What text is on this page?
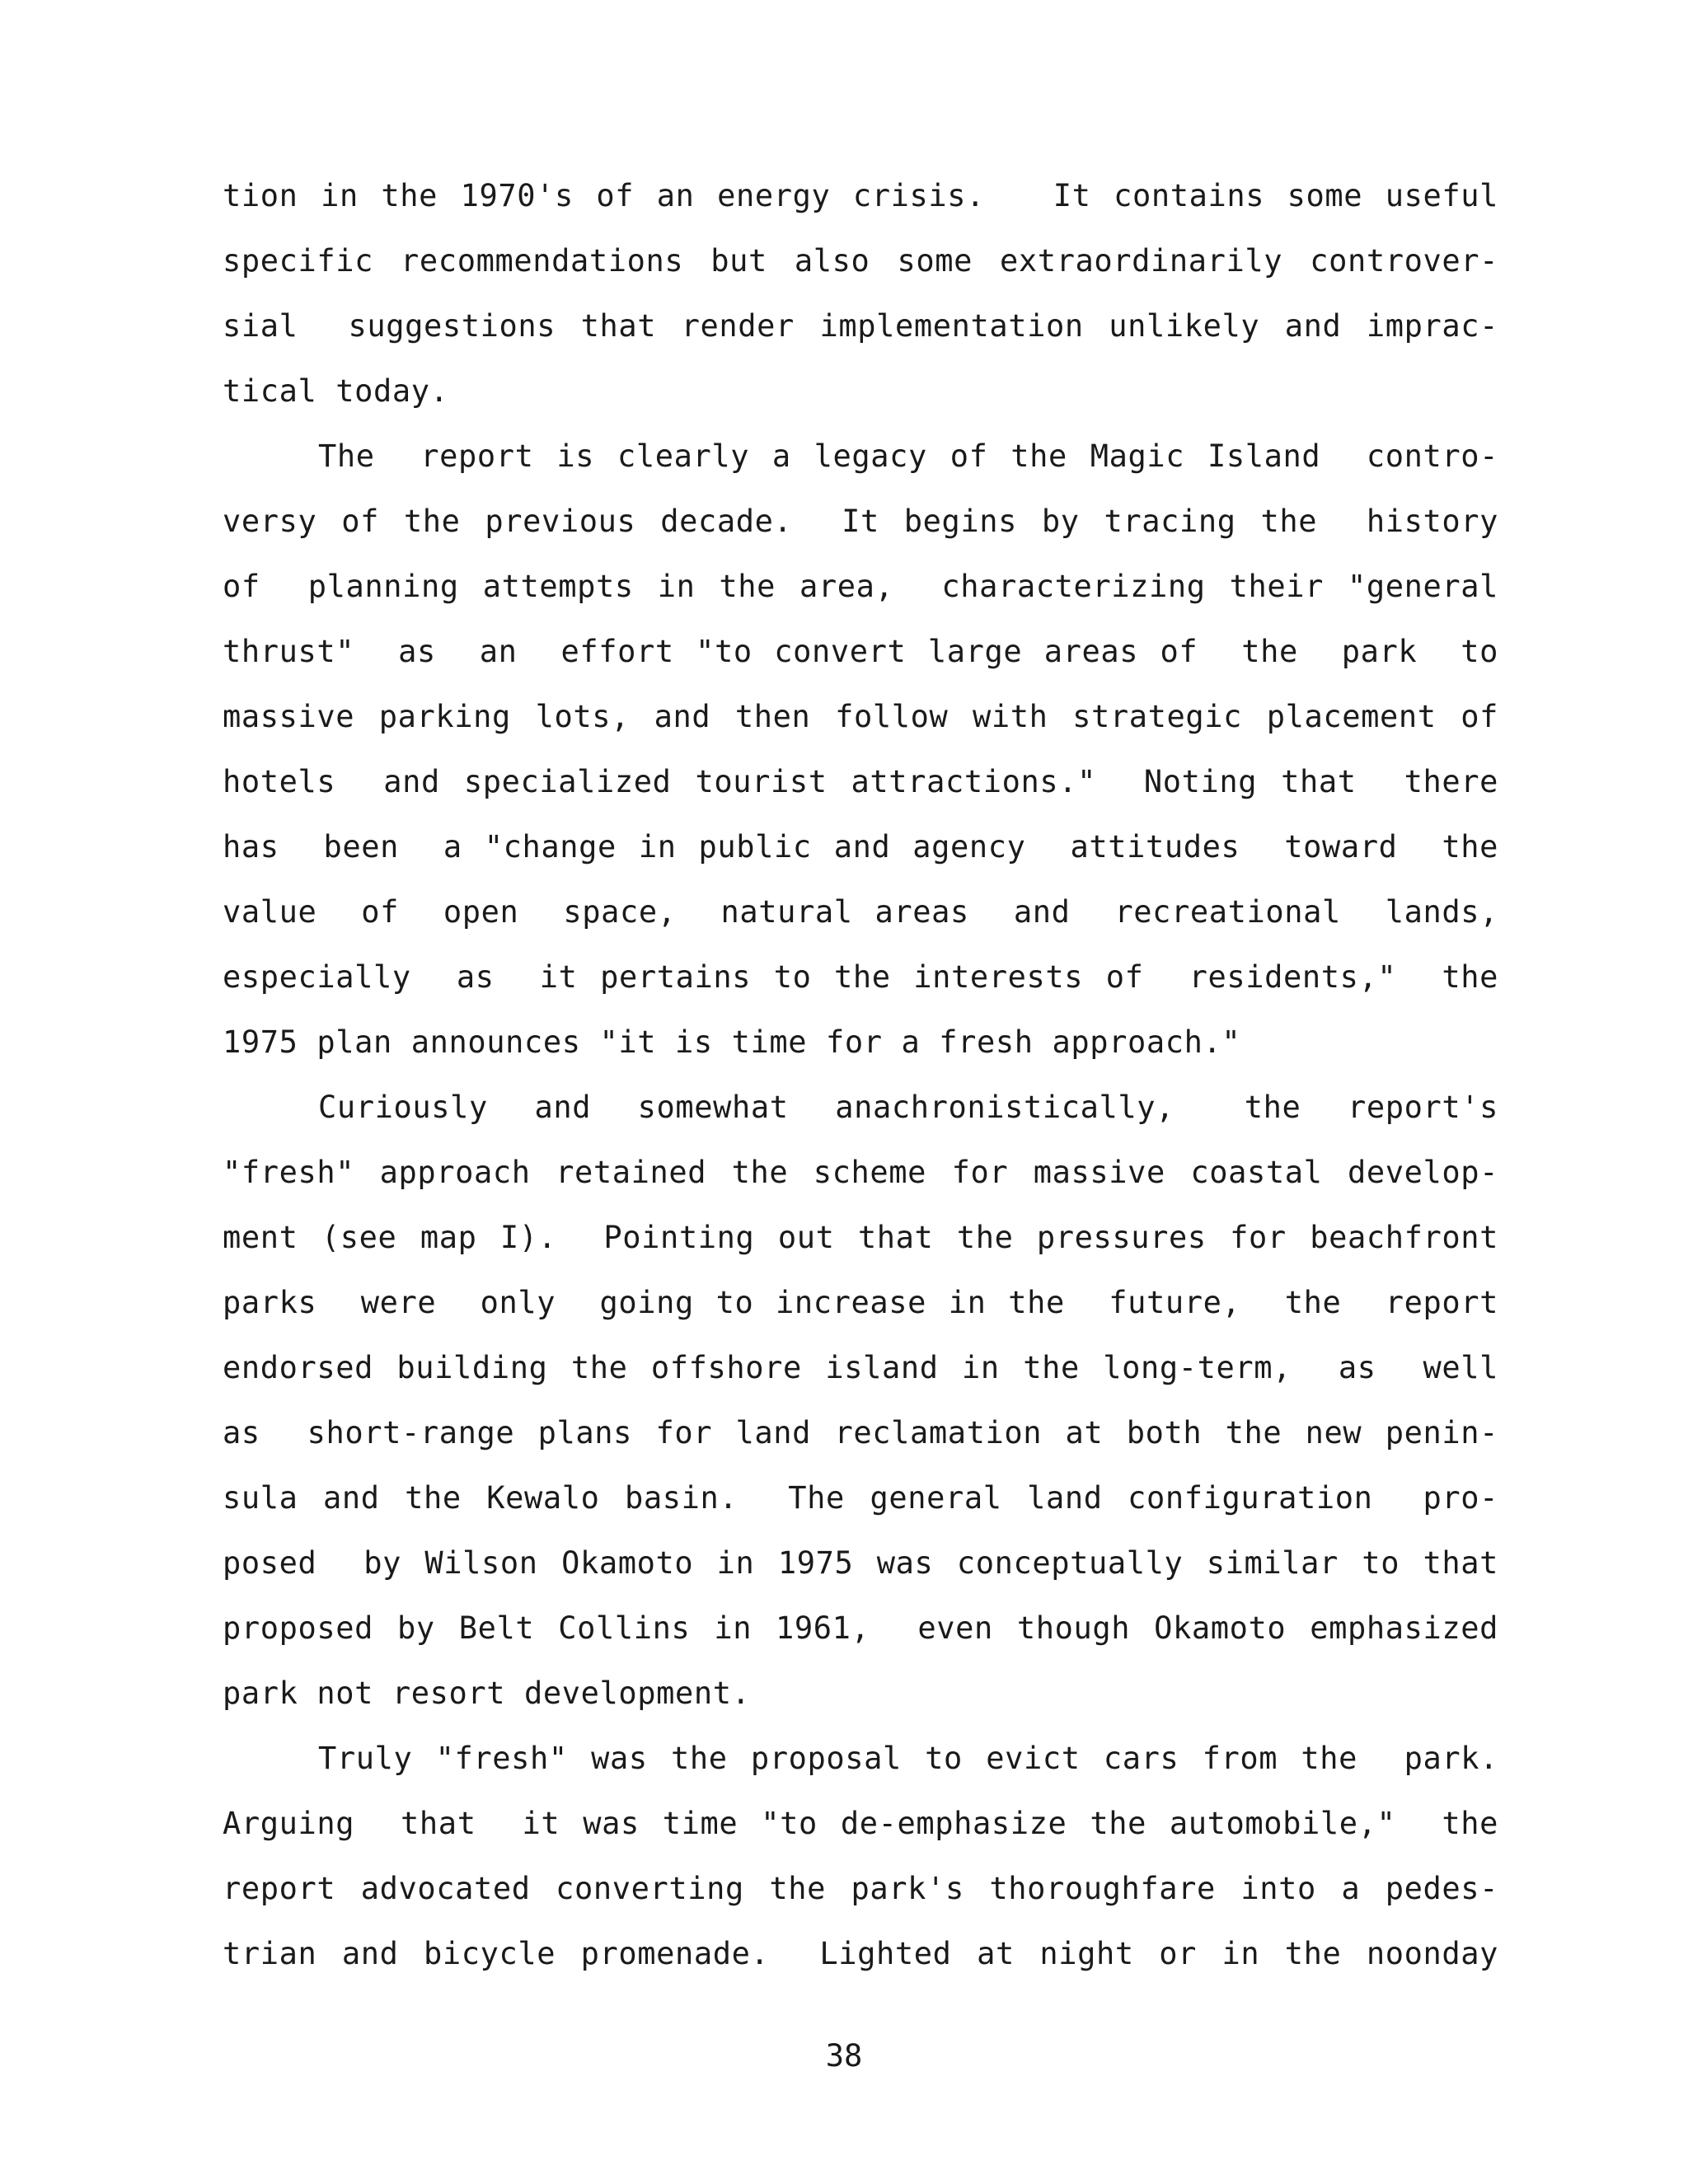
tion in the 1970's of an energy crisis.   It contains some useful
specific recommendations but also some extraordinarily controver-
sial  suggestions that render implementation unlikely and imprac-
tical today.
The  report is clearly a legacy of the Magic Island  contro-
versy of the previous decade.  It begins by tracing the  history
of  planning attempts in the area,  characterizing their "general
thrust"  as  an  effort "to convert large areas of  the  park  to
massive parking lots, and then follow with strategic placement of
hotels  and specialized tourist attractions."  Noting that  there
has  been  a "change in public and agency  attitudes  toward  the
value  of  open  space,  natural areas  and  recreational  lands,
especially  as  it pertains to the interests of  residents,"  the
1975 plan announces "it is time for a fresh approach."
Curiously  and  somewhat  anachronistically,   the  report's
"fresh" approach retained the scheme for massive coastal develop-
ment (see map I).  Pointing out that the pressures for beachfront
parks  were  only  going to increase in the  future,  the  report
endorsed building the offshore island in the long-term,  as  well
as  short-range plans for land reclamation at both the new penin-
sula and the Kewalo basin.  The general land configuration  pro-
posed  by Wilson Okamoto in 1975 was conceptually similar to that
proposed by Belt Collins in 1961,  even though Okamoto emphasized
park not resort development.
Truly "fresh" was the proposal to evict cars from the  park.
Arguing  that  it was time "to de-emphasize the automobile,"  the
report advocated converting the park's thoroughfare into a pedes-
trian and bicycle promenade.  Lighted at night or in the noonday
38
